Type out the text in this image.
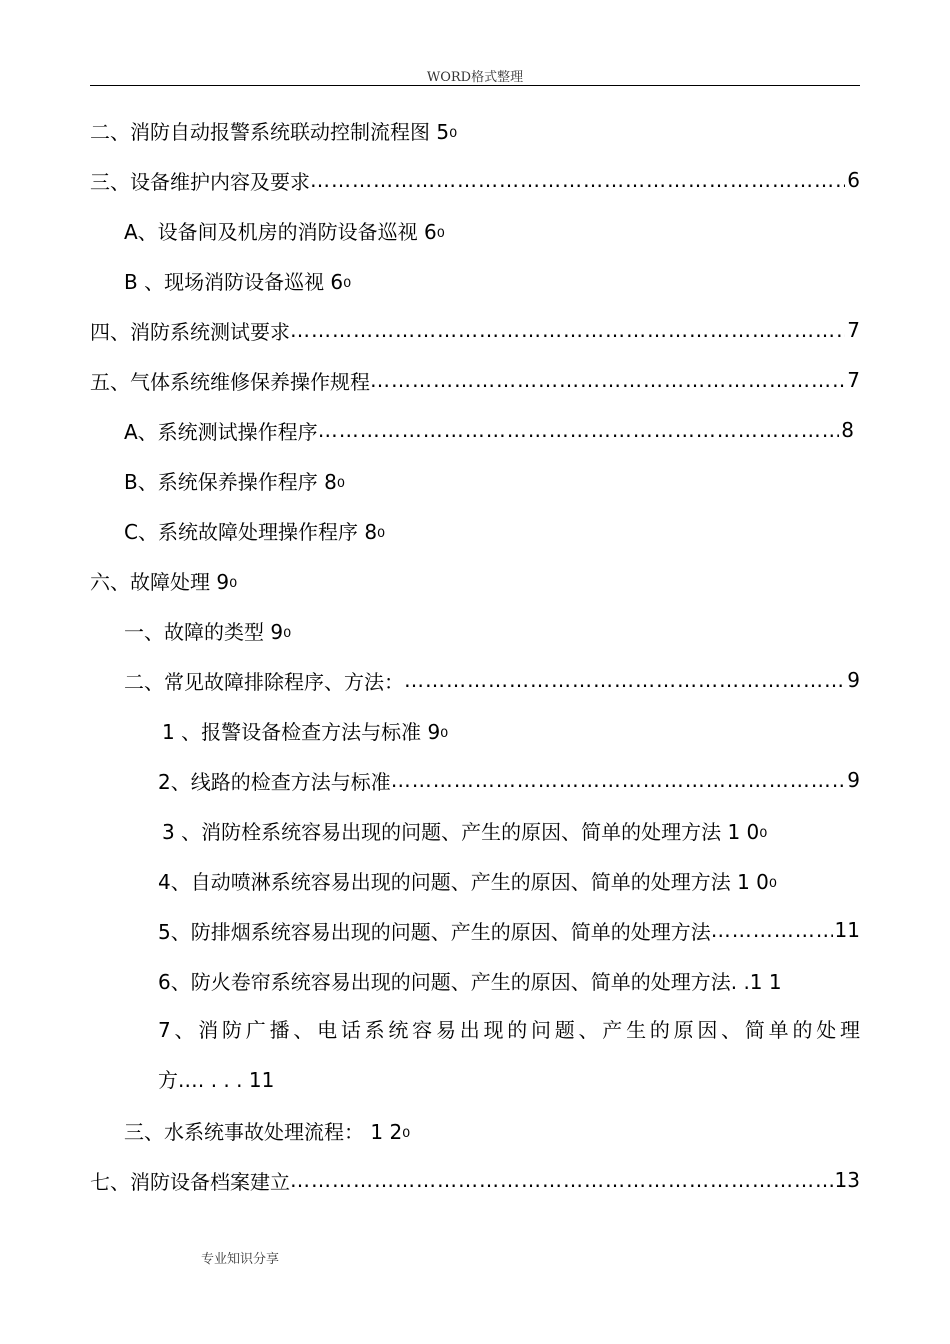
WORD格式整理
二、消防自动报警系统联动控制流程图 5 ₀
三、设备维护内容及要求 ……………………………………………………………………………………………………………………………………………………………………………………	6
A、设备间及机房的消防设备巡视 6 ₀
B 、现场消防设备巡视 6 ₀
四、消防系统测试要求 ……………………………………………………………………………………………………………………………………………………………………………………	7
五、气体系统维修保养操作规程 ……………………………………………………………………………………………………………………………………………………………………………………	7
A、系统测试操作程序 ……………………………………………………………………………………………………………………………………………………………………………………	8
B、系统保养操作程序 8 ₀
C、系统故障处理操作程序 8 ₀
六、故障处理 9 ₀
一、故障的类型 9 ₀
二、常见故障排除程序、方法： ……………………………………………………………………………………………………………………………………………………………………………………	9
1 、报警设备检查方法与标准 9 ₀
2、线路的检查方法与标准 ……………………………………………………………………………………………………………………………………………………………………………………	9
3 、消防栓系统容易出现的问题、产生的原因、简单的处理方法 1 0 ₀
4、自动喷淋系统容易出现的问题、产生的原因、简单的处理方法 1 0 ₀
5、防排烟系统容易出现的问题、产生的原因、简单的处理方法 ……………………………………………………………………………………………………………………………………………………………………………………	11
6、防火卷帘系统容易出现的问题、产生的原因、简单的处理方法. .1 1
7、消防广播、电话系统容易出现的问题、产生的原因、简单的处理
方.… . . . 11
三、水系统事故处理流程： 1 2 ₀
七、消防设备档案建立 ……………………………………………………………………………………………………………………………………………………………………………………	13
专业知识分享
